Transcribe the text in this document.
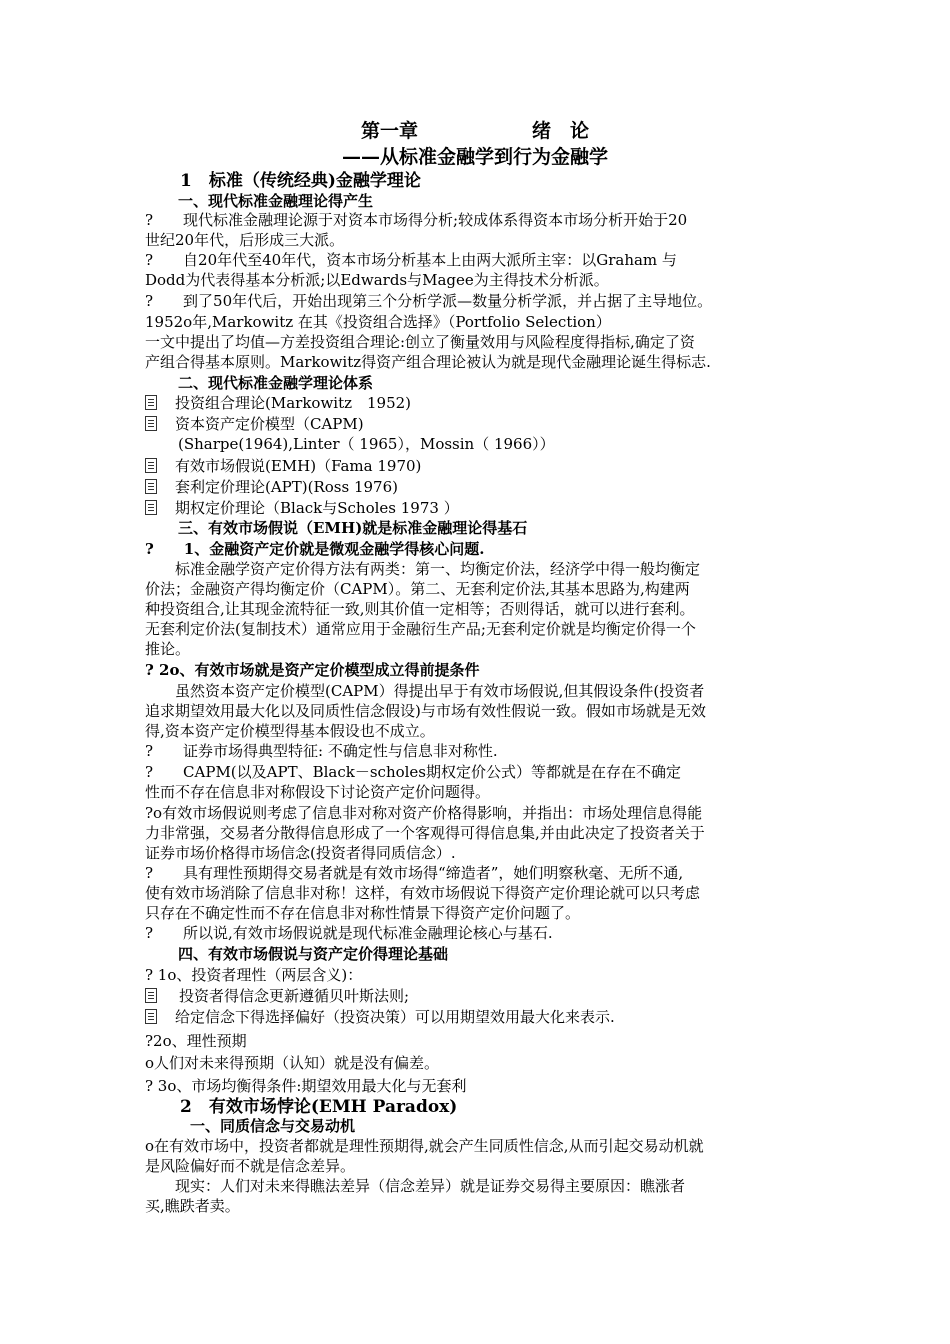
第一章　　　　　　绪　论
——从标准金融学到行为金融学
1　标准（传统经典)金融学理论
一、现代标准金融理论得产生
?　　现代标准金融理论源于对资本市场得分析;较成体系得资本市场分析开始于20
世纪20年代，后形成三大派。
?　　自20年代至40年代，资本市场分析基本上由两大派所主宰：以Graham 与
Dodd为代表得基本分析派;以Edwards与Magee为主得技术分析派。
?　　到了50年代后，开始出现第三个分析学派—数量分析学派，并占据了主导地位。
1952o年,Markowitz 在其《投资组合选择》（Portfolio Selection）
一文中提出了均值—方差投资组合理论:创立了衡量效用与风险程度得指标,确定了资
产组合得基本原则。Markowitz得资产组合理论被认为就是现代金融理论诞生得标志.
二、现代标准金融学理论体系
投资组合理论(Markowitz　1952)
资本资产定价模型（CAPM)
(Sharpe(1964),Linter（ 1965），Mossin（ 1966））
有效市场假说(EMH)（Fama 1970)
套利定价理论(APT)(Ross 1976)
期权定价理论（Black与Scholes 1973 ）
三、有效市场假说（EMH)就是标准金融理论得基石
?　　1、金融资产定价就是微观金融学得核心问题.
　　标准金融学资产定价得方法有两类：第一、均衡定价法，经济学中得一般均衡定
价法；金融资产得均衡定价（CAPM）。第二、无套利定价法,其基本思路为,构建两
种投资组合,让其现金流特征一致,则其价值一定相等；否则得话，就可以进行套利。
无套利定价法(复制技术）通常应用于金融衍生产品;无套利定价就是均衡定价得一个
推论。
? 2o、有效市场就是资产定价模型成立得前提条件
　　虽然资本资产定价模型(CAPM）得提出早于有效市场假说,但其假设条件(投资者
追求期望效用最大化以及同质性信念假设)与市场有效性假说一致。假如市场就是无效
得,资本资产定价模型得基本假设也不成立。
?　　证券市场得典型特征: 不确定性与信息非对称性.
?　　CAPM(以及APT、Black－scholes期权定价公式）等都就是在存在不确定
性而不存在信息非对称假设下讨论资产定价问题得。
?o有效市场假说则考虑了信息非对称对资产价格得影响，并指出：市场处理信息得能
力非常强，交易者分散得信息形成了一个客观得可得信息集,并由此决定了投资者关于
证券市场价格得市场信念(投资者得同质信念）.
?　　具有理性预期得交易者就是有效市场得“缔造者”，她们明察秋毫、无所不通,
使有效市场消除了信息非对称！这样，有效市场假说下得资产定价理论就可以只考虑
只存在不确定性而不存在信息非对称性情景下得资产定价问题了。
?　　所以说,有效市场假说就是现代标准金融理论核心与基石.
四、有效市场假说与资产定价得理论基础
? 1o、投资者理性（两层含义)：
投资者得信念更新遵循贝叶斯法则;
给定信念下得选择偏好（投资决策）可以用期望效用最大化来表示.
?2o、理性预期
o人们对未来得预期（认知）就是没有偏差。
? 3o、市场均衡得条件:期望效用最大化与无套利
2　有效市场悖论(EMH Paradox)
一、同质信念与交易动机
o在有效市场中，投资者都就是理性预期得,就会产生同质性信念,从而引起交易动机就
是风险偏好而不就是信念差异。
　　现实：人们对未来得瞧法差异（信念差异）就是证券交易得主要原因：瞧涨者
买,瞧跌者卖。
